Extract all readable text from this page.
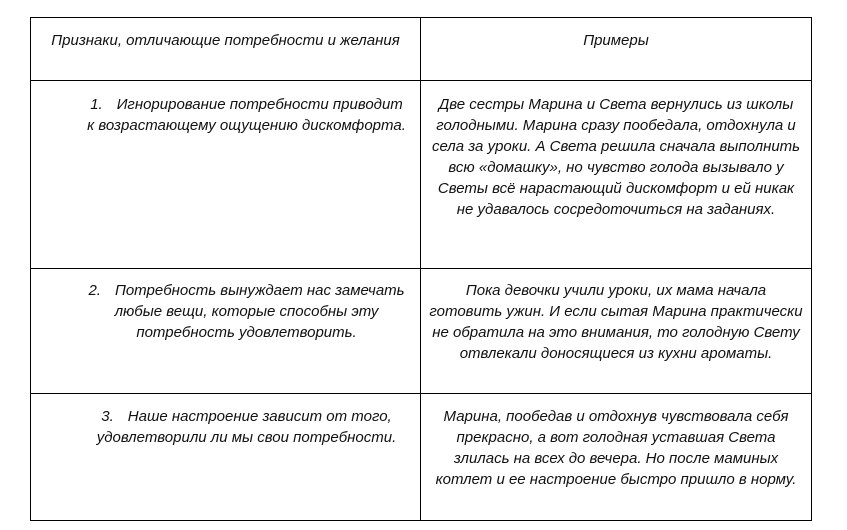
Признаки, отличающие потребности и желания	Примеры
1. Игнорирование потребности приводит к возрастающему ощущению дискомфорта.
Две сестры Марина и Света вернулись из школы голодными. Марина сразу пообедала, отдохнула и села за уроки. А Света решила сначала выполнить всю «домашку», но чувство голода вызывало у Светы всё нарастающий дискомфорт и ей никак не удавалось сосредоточиться на заданиях.
2. Потребность вынуждает нас замечать любые вещи, которые способны эту потребность удовлетворить.
Пока девочки учили уроки, их мама начала готовить ужин. И если сытая Марина практически не обратила на это внимания, то голодную Свету отвлекали доносящиеся из кухни ароматы.
3. Наше настроение зависит от того, удовлетворили ли мы свои потребности.
Марина, пообедав и отдохнув чувствовала себя прекрасно, а вот голодная уставшая Света злилась на всех до вечера. Но после маминых котлет и ее настроение быстро пришло в норму.
